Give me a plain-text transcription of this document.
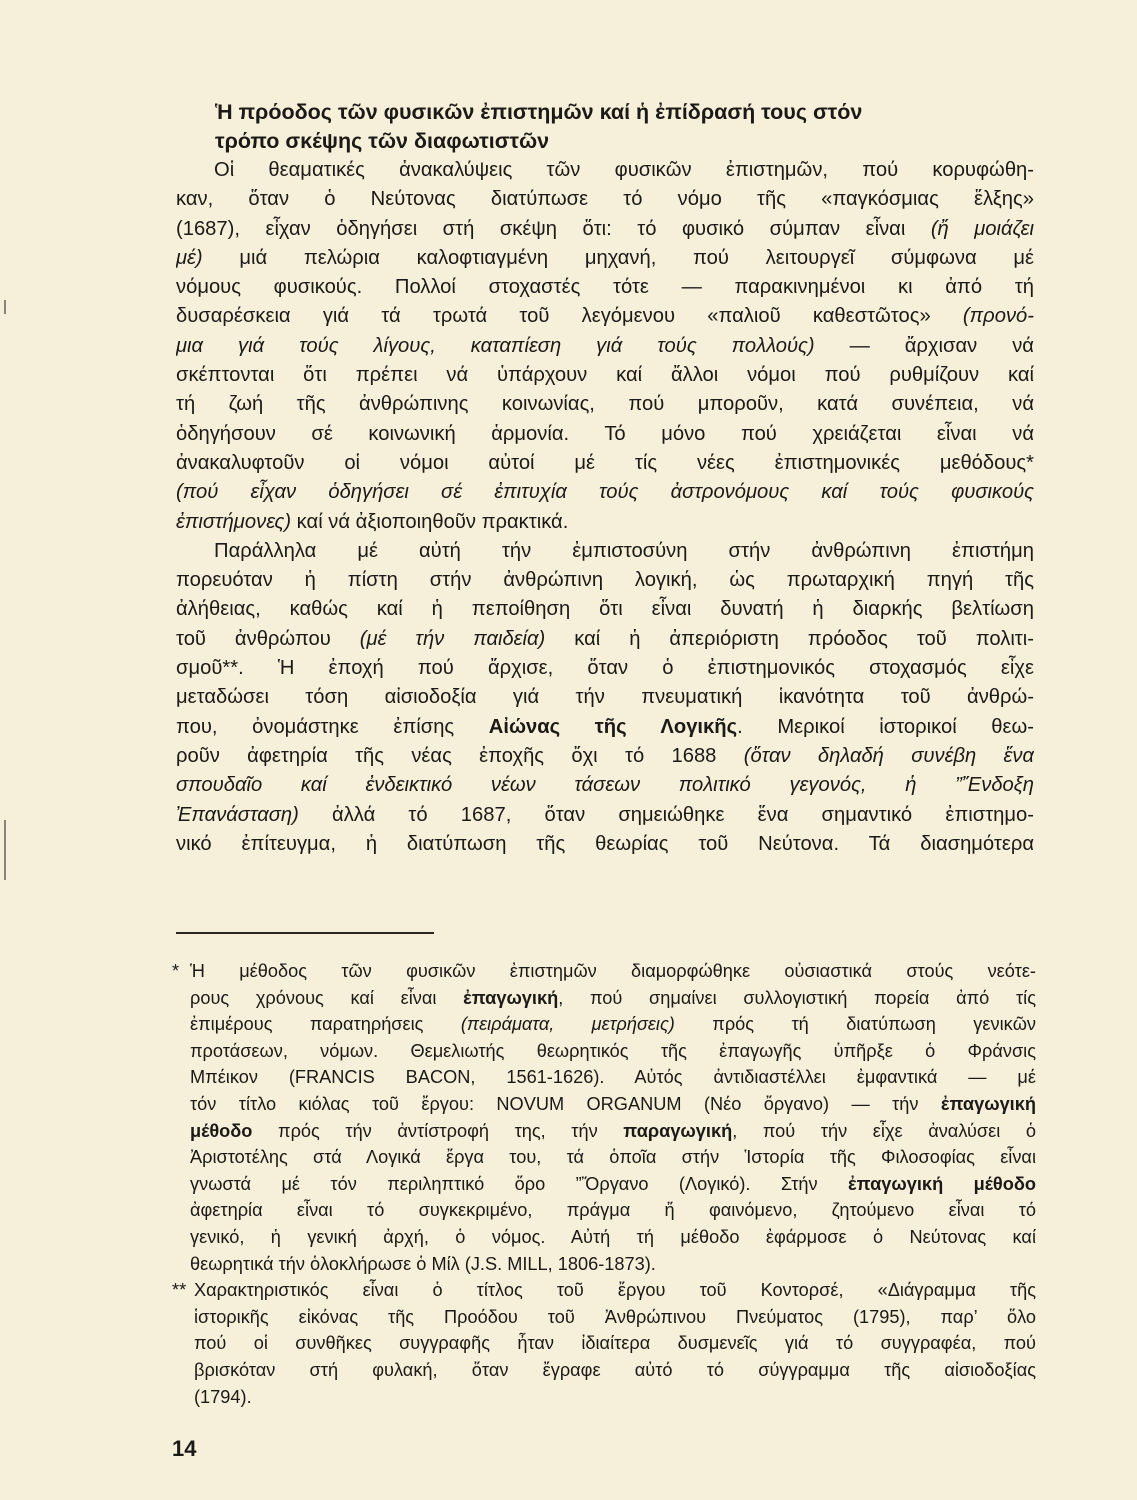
Ἡ πρόοδος τῶν φυσικῶν ἐπιστημῶν καί ἡ ἐπίδρασή τους στόν
τρόπο σκέψης τῶν διαφωτιστῶν
Οἱ θεαματικές ἀνακαλύψεις τῶν φυσικῶν ἐπιστημῶν, πού κορυφώθη-
καν, ὅταν ὁ Νεύτονας διατύπωσε τό νόμο τῆς «παγκόσμιας ἕλξης»
(1687), εἶχαν ὁδηγήσει στή σκέψη ὅτι: τό φυσικό σύμπαν εἶναι (ἤ μοιάζει
μέ) μιά πελώρια καλοφτιαγμένη μηχανή, πού λειτουργεῖ σύμφωνα μέ
νόμους φυσικούς. Πολλοί στοχαστές τότε — παρακινημένοι κι ἀπό τή
δυσαρέσκεια γιά τά τρωτά τοῦ λεγόμενου «παλιοῦ καθεστῶτος» (προνό-
μια γιά τούς λίγους, καταπίεση γιά τούς πολλούς) — ἄρχισαν νά
σκέπτονται ὅτι πρέπει νά ὑπάρχουν καί ἄλλοι νόμοι πού ρυθμίζουν καί
τή ζωή τῆς ἀνθρώπινης κοινωνίας, πού μποροῦν, κατά συνέπεια, νά
ὁδηγήσουν σέ κοινωνική ἁρμονία. Τό μόνο πού χρειάζεται εἶναι νά
ἀνακαλυφτοῦν οἱ νόμοι αὐτοί μέ τίς νέες ἐπιστημονικές μεθόδους*
(πού εἶχαν ὁδηγήσει σέ ἐπιτυχία τούς ἀστρονόμους καί τούς φυσικούς
ἐπιστήμονες) καί νά ἀξιοποιηθοῦν πρακτικά.
Παράλληλα μέ αὐτή τήν ἐμπιστοσύνη στήν ἀνθρώπινη ἐπιστήμη
πορευόταν ἡ πίστη στήν ἀνθρώπινη λογική, ὡς πρωταρχική πηγή τῆς
ἀλήθειας, καθώς καί ἡ πεποίθηση ὅτι εἶναι δυνατή ἡ διαρκής βελτίωση
τοῦ ἀνθρώπου (μέ τήν παιδεία) καί ἡ ἀπεριόριστη πρόοδος τοῦ πολιτι-
σμοῦ**. Ἡ ἐποχή πού ἄρχισε, ὅταν ὁ ἐπιστημονικός στοχασμός εἶχε
μεταδώσει τόση αἰσιοδοξία γιά τήν πνευματική ἱκανότητα τοῦ ἀνθρώ-
που, ὀνομάστηκε ἐπίσης Αἰώνας τῆς Λογικῆς. Μερικοί ἱστορικοί θεω-
ροῦν ἀφετηρία τῆς νέας ἐποχῆς ὄχι τό 1688 (ὅταν δηλαδή συνέβη ἕνα
σπουδαῖο καί ἐνδεικτικό νέων τάσεων πολιτικό γεγονός, ἡ ”Ἔνδοξη
Ἐπανάσταση) ἀλλά τό 1687, ὅταν σημειώθηκε ἕνα σημαντικό ἐπιστημο-
νικό ἐπίτευγμα, ἡ διατύπωση τῆς θεωρίας τοῦ Νεύτονα. Τά διασημότερα
* Ἡ μέθοδος τῶν φυσικῶν ἐπιστημῶν διαμορφώθηκε οὐσιαστικά στούς νεότε-
ρους χρόνους καί εἶναι ἐπαγωγική, πού σημαίνει συλλογιστική πορεία ἀπό τίς
ἐπιμέρους παρατηρήσεις (πειράματα, μετρήσεις) πρός τή διατύπωση γενικῶν
προτάσεων, νόμων. Θεμελιωτής θεωρητικός τῆς ἐπαγωγῆς ὑπῆρξε ὁ Φράνσις
Μπέικον (FRANCIS BACON, 1561-1626). Αὐτός ἀντιδιαστέλλει ἐμφαντικά — μέ
τόν τίτλο κιόλας τοῦ ἔργου: NOVUM ORGANUM (Νέο ὄργανο) — τήν ἐπαγωγική
μέθοδο πρός τήν ἀντίστροφή της, τήν παραγωγική, πού τήν εἶχε ἀναλύσει ὁ
Ἀριστοτέλης στά Λογικά ἔργα του, τά ὁποῖα στήν Ἱστορία τῆς Φιλοσοφίας εἶναι
γνωστά μέ τόν περιληπτικό ὅρο ”Ὄργανο (Λογικό). Στήν ἐπαγωγική μέθοδο
ἀφετηρία εἶναι τό συγκεκριμένο, πράγμα ἤ φαινόμενο, ζητούμενο εἶναι τό
γενικό, ἡ γενική ἀρχή, ὁ νόμος. Αὐτή τή μέθοδο ἐφάρμοσε ὁ Νεύτονας καί
θεωρητικά τήν ὁλοκλήρωσε ὁ Μίλ (J.S. MILL, 1806-1873).
** Χαρακτηριστικός εἶναι ὁ τίτλος τοῦ ἔργου τοῦ Κοντορσέ, «Διάγραμμα τῆς
ἱστορικῆς εἰκόνας τῆς Προόδου τοῦ Ἀνθρώπινου Πνεύματος (1795), παρ’ ὅλο
πού οἱ συνθῆκες συγγραφῆς ἦταν ἰδιαίτερα δυσμενεῖς γιά τό συγγραφέα, πού
βρισκόταν στή φυλακή, ὅταν ἔγραφε αὐτό τό σύγγραμμα τῆς αἰσιοδοξίας
(1794).
14
